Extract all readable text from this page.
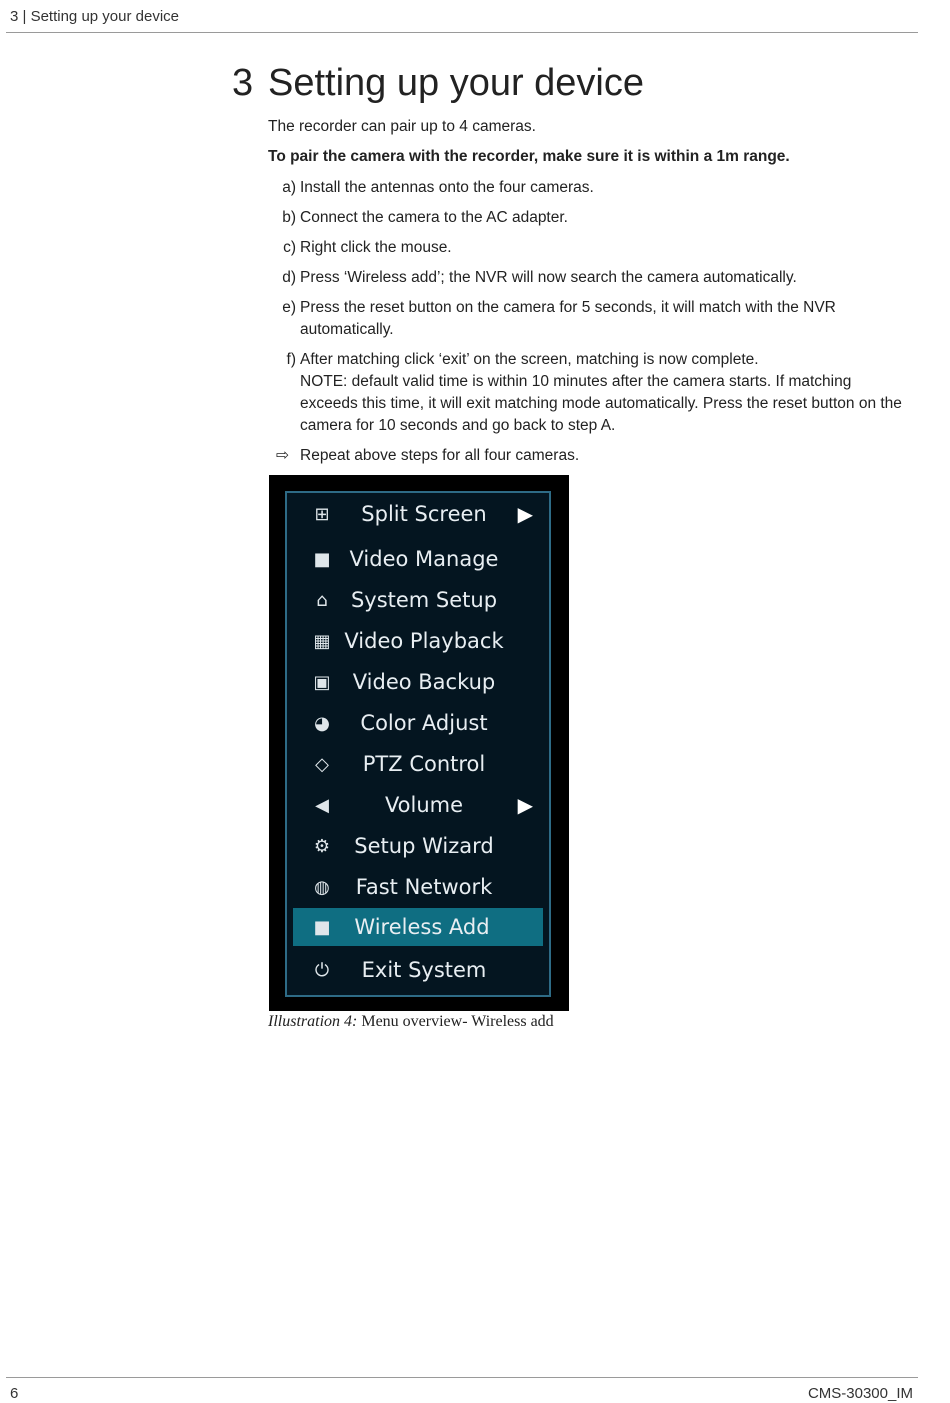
3 | Setting up your device
3 Setting up your device
The recorder can pair up to 4 cameras.
To pair the camera with the recorder, make sure it is within a 1m range.
a) Install the antennas onto the four cameras.
b) Connect the camera to the AC adapter.
c) Right click the mouse.
d) Press ‘Wireless add’; the NVR will now search the camera automatically.
e) Press the reset button on the camera for 5 seconds, it will match with the NVR automatically.
f) After matching click ‘exit’ on the screen, matching is now complete.
NOTE: default valid time is within 10 minutes after the camera starts. If matching exceeds this time, it will exit matching mode automatically. Press the reset button on the camera for 10 seconds and go back to step A.
⇨ Repeat above steps for all four cameras.
⊞	Split Screen	▶
■ Video Manage
⌂	System Setup
▦ Video Playback
▣	Video Backup
◕	Color Adjust
◇	PTZ Control
◀	Volume	▶
⚙	Setup Wizard
◍	Fast Network
■	Wireless Add
⏻	Exit System
Illustration 4: Menu overview- Wireless add
6	CMS-30300_IM
